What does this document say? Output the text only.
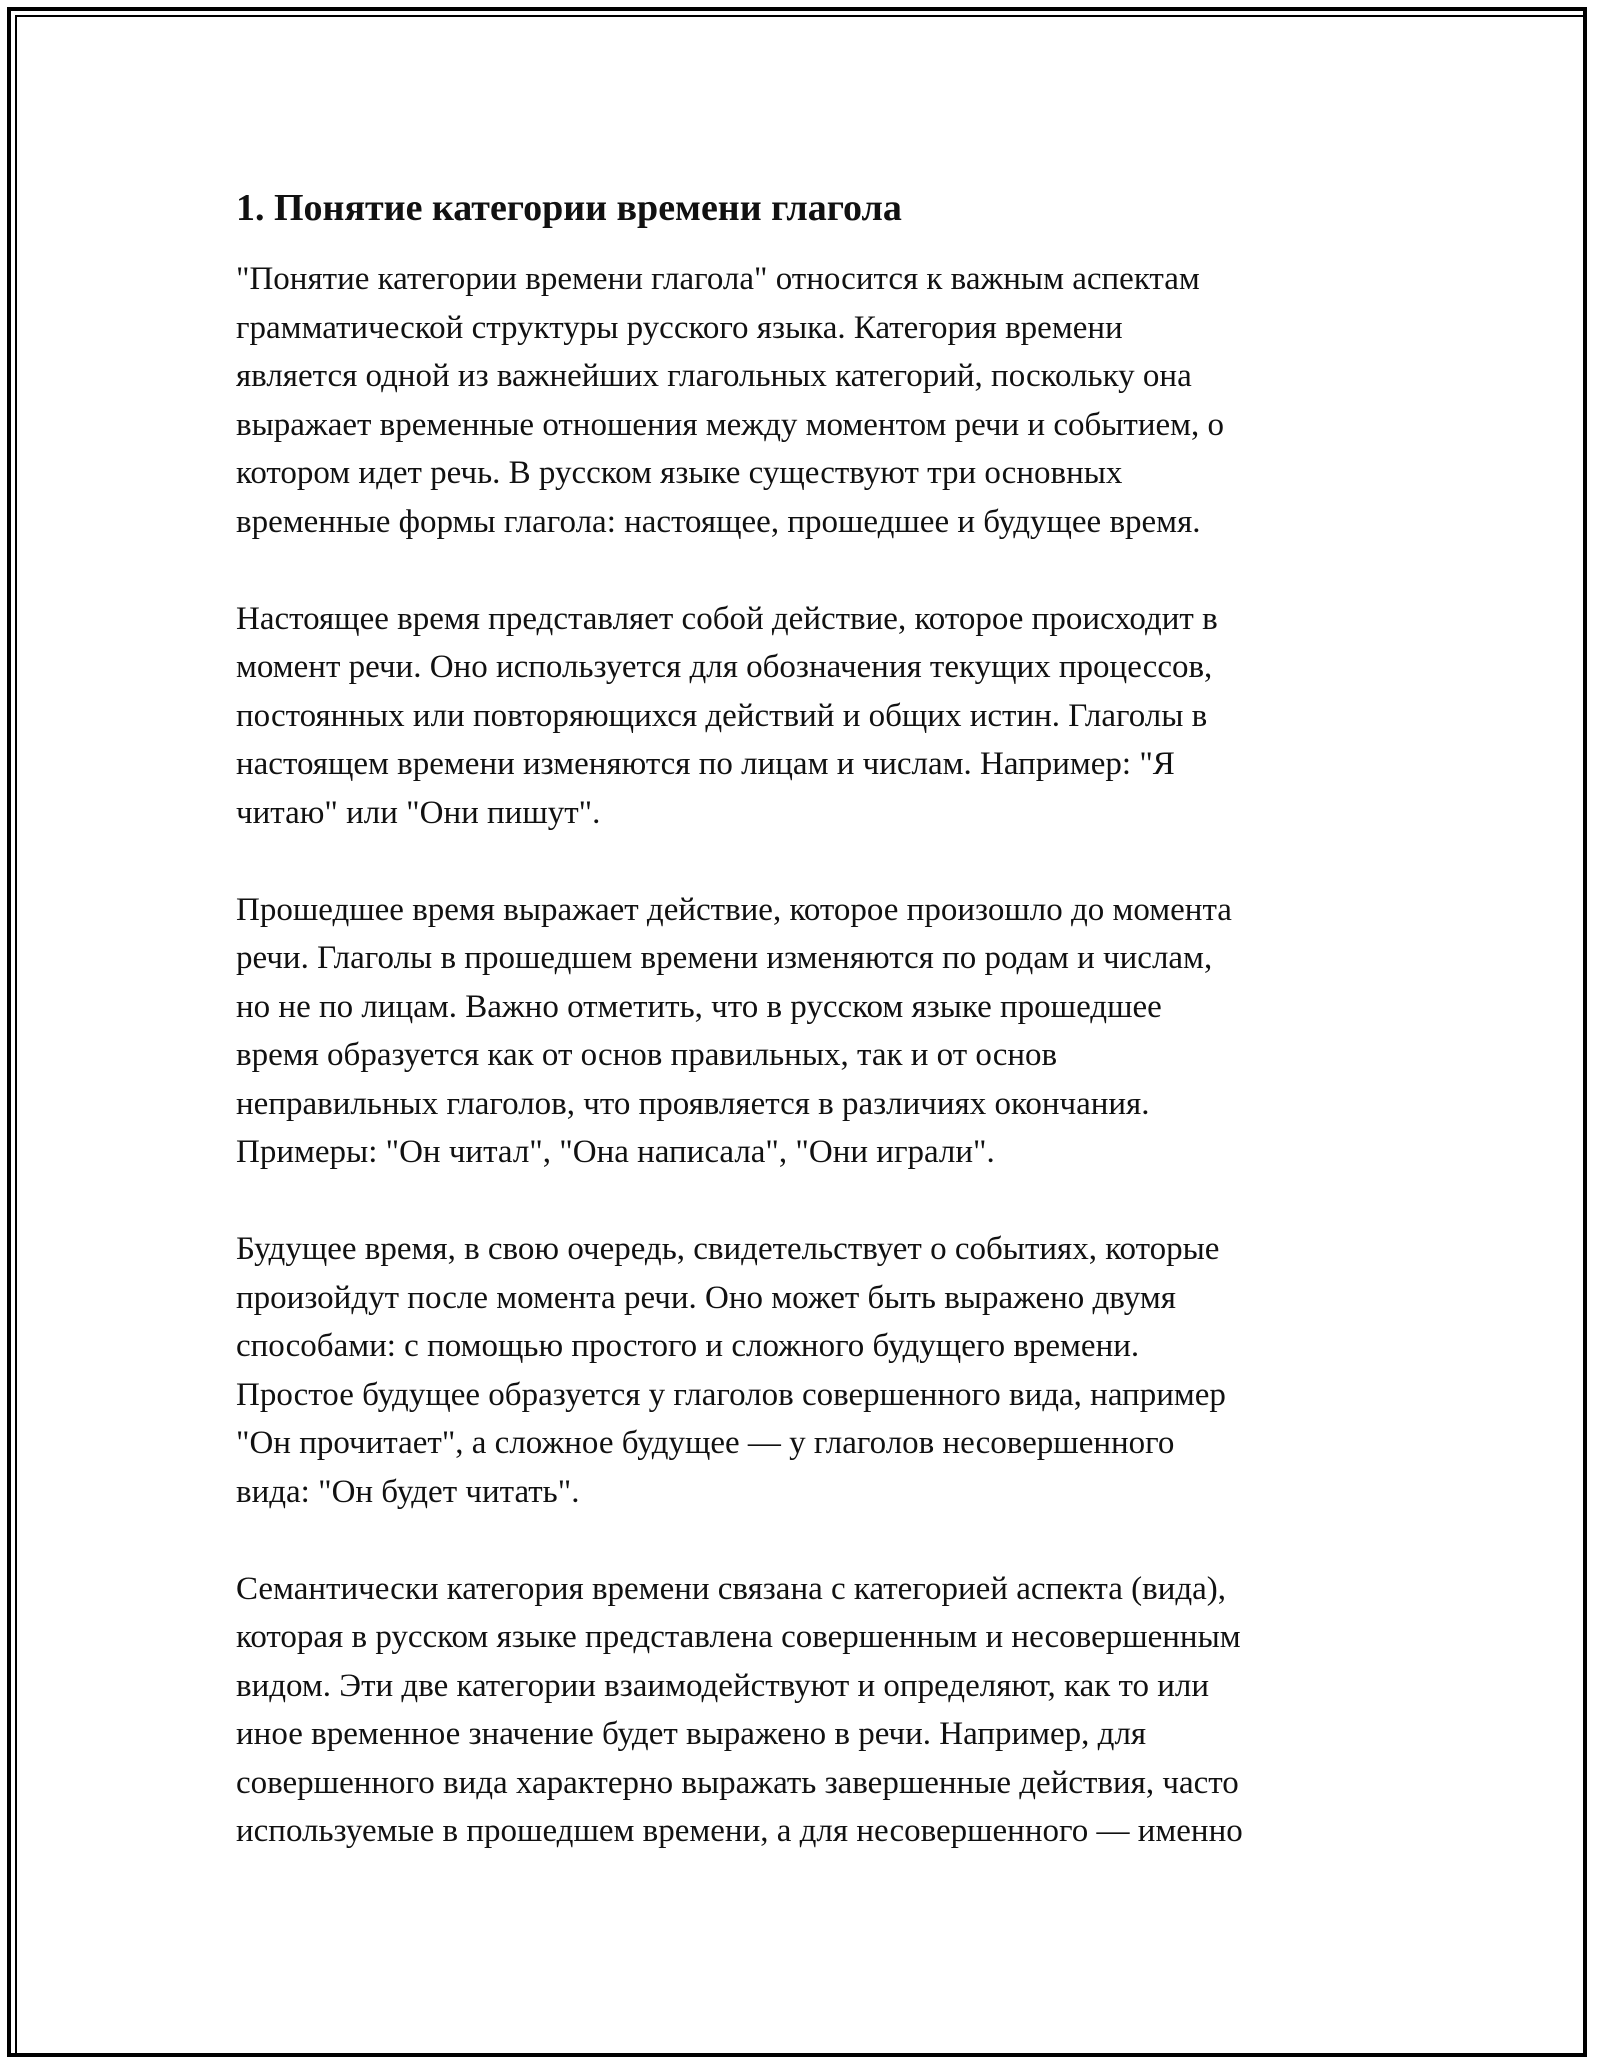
1. Понятие категории времени глагола

"Понятие категории времени глагола" относится к важным аспектам
грамматической структуры русского языка. Категория времени
является одной из важнейших глагольных категорий, поскольку она
выражает временные отношения между моментом речи и событием, о
котором идет речь. В русском языке существуют три основных
временные формы глагола: настоящее, прошедшее и будущее время.

Настоящее время представляет собой действие, которое происходит в
момент речи. Оно используется для обозначения текущих процессов,
постоянных или повторяющихся действий и общих истин. Глаголы в
настоящем времени изменяются по лицам и числам. Например: "Я
читаю" или "Они пишут".

Прошедшее время выражает действие, которое произошло до момента
речи. Глаголы в прошедшем времени изменяются по родам и числам,
но не по лицам. Важно отметить, что в русском языке прошедшее
время образуется как от основ правильных, так и от основ
неправильных глаголов, что проявляется в различиях окончания.
Примеры: "Он читал", "Она написала", "Они играли".

Будущее время, в свою очередь, свидетельствует о событиях, которые
произойдут после момента речи. Оно может быть выражено двумя
способами: с помощью простого и сложного будущего времени.
Простое будущее образуется у глаголов совершенного вида, например
"Он прочитает", а сложное будущее — у глаголов несовершенного
вида: "Он будет читать".

Семантически категория времени связана с категорией аспекта (вида),
которая в русском языке представлена совершенным и несовершенным
видом. Эти две категории взаимодействуют и определяют, как то или
иное временное значение будет выражено в речи. Например, для
совершенного вида характерно выражать завершенные действия, часто
используемые в прошедшем времени, а для несовершенного — именно
